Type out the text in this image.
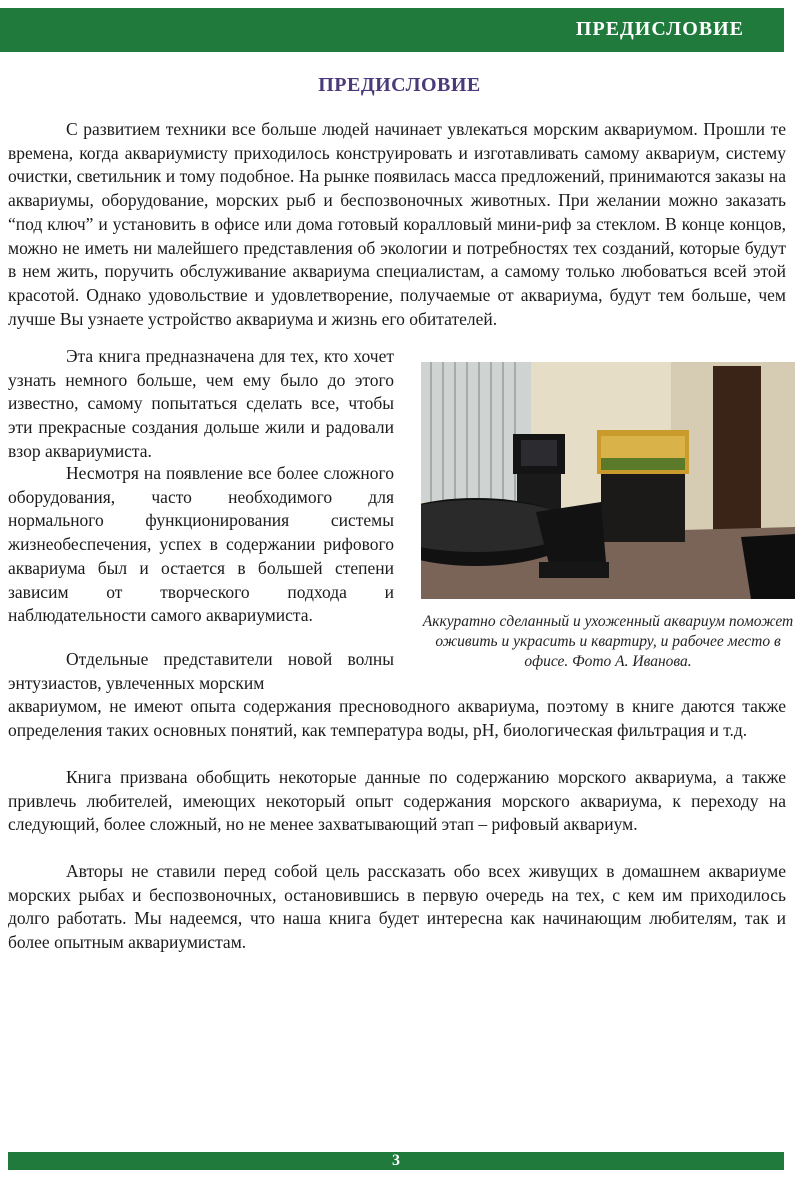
ПРЕДИСЛОВИЕ
ПРЕДИСЛОВИЕ

С развитием техники все больше людей начинает увлекаться морским аквариумом. Прошли те времена, когда аквариумисту приходилось конструировать и изготавливать самому аквариум, систему очистки, светильник и тому подобное. На рынке появилась масса предложений, принимаются заказы на аквариумы, оборудование, морских рыб и беспозвоночных животных. При желании можно заказать “под ключ” и установить в офисе или дома готовый коралловый мини-риф за стеклом. В конце концов, можно не иметь ни малейшего представления об экологии и потребностях тех созданий, которые будут в нем жить, поручить обслуживание аквариума специалистам, а самому только любоваться всей этой красотой. Однако удовольствие и удовлетворение, получаемые от аквариума, будут тем больше, чем лучше Вы узнаете устройство аквариума и жизнь его обитателей.

Эта книга предназначена для тех, кто хочет узнать немного больше, чем ему было до этого известно, самому попытаться сделать все, чтобы эти прекрасные создания дольше жили и радовали взор аквариумиста.

Несмотря на появление все более сложного оборудования, часто необходимого для нормального функционирования системы жизнеобеспечения, успех в содержании рифового аквариума был и остается в большей степени зависим от творческого подхода и наблюдательности самого аквариумиста.

Отдельные представители новой волны энтузиастов, увлеченных морским

аквариумом, не имеют опыта содержания пресноводного аквариума, поэтому в книге даются также определения таких основных понятий, как температура воды, pH, биологическая фильтрация и т.д.

Книга призвана обобщить некоторые данные по содержанию морского аквариума, а также привлечь любителей, имеющих некоторый опыт содержания морского аквариума, к переходу на следующий, более сложный, но не менее захватывающий этап – рифовый аквариум.

Авторы не ставили перед собой цель рассказать обо всех живущих в домашнем аквариуме морских рыбах и беспозвоночных, остановившись в первую очередь на тех, с кем им приходилось долго работать. Мы надеемся, что наша книга будет интересна как начинающим любителям, так и более опытным аквариумистам.

Аккуратно сделанный и ухоженный аквариум поможет оживить и украсить и квартиру, и рабочее место в офисе. Фото А. Иванова.
3
